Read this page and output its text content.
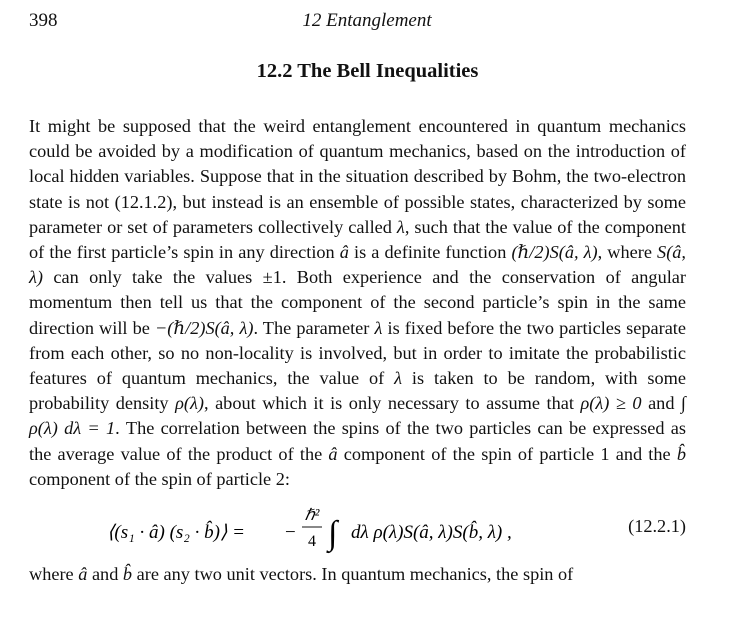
398	12 Entanglement
12.2 The Bell Inequalities

It might be supposed that the weird entanglement encountered in quantum mechanics could be avoided by a modification of quantum mechanics, based on the introduction of local hidden variables. Suppose that in the situation described by Bohm, the two-electron state is not (12.1.2), but instead is an ensemble of possible states, characterized by some parameter or set of parameters collectively called λ, such that the value of the component of the first particle’s spin in any direction â is a definite function (ℏ/2)S(â, λ), where S(â, λ) can only take the values ±1. Both experience and the conservation of angular momentum then tell us that the component of the second particle’s spin in the same direction will be −(ℏ/2)S(â, λ). The parameter λ is fixed before the two particles separate from each other, so no non-locality is involved, but in order to imitate the probabilistic features of quantum mechanics, the value of λ is taken to be random, with some probability density ρ(λ), about which it is only necessary to assume that ρ(λ) ≥ 0 and ∫ ρ(λ) dλ = 1. The correlation between the spins of the two particles can be expressed as the average value of the product of the â component of the spin of particle 1 and the b̂ component of the spin of particle 2:

⟨(s₁ · â) (s₂ · b̂)⟩ = −
ℏ²
4 ∫ dλ ρ(λ)S(â, λ)S(b̂, λ) ,	(12.2.1)

where â and b̂ are any two unit vectors. In quantum mechanics, the spin of
